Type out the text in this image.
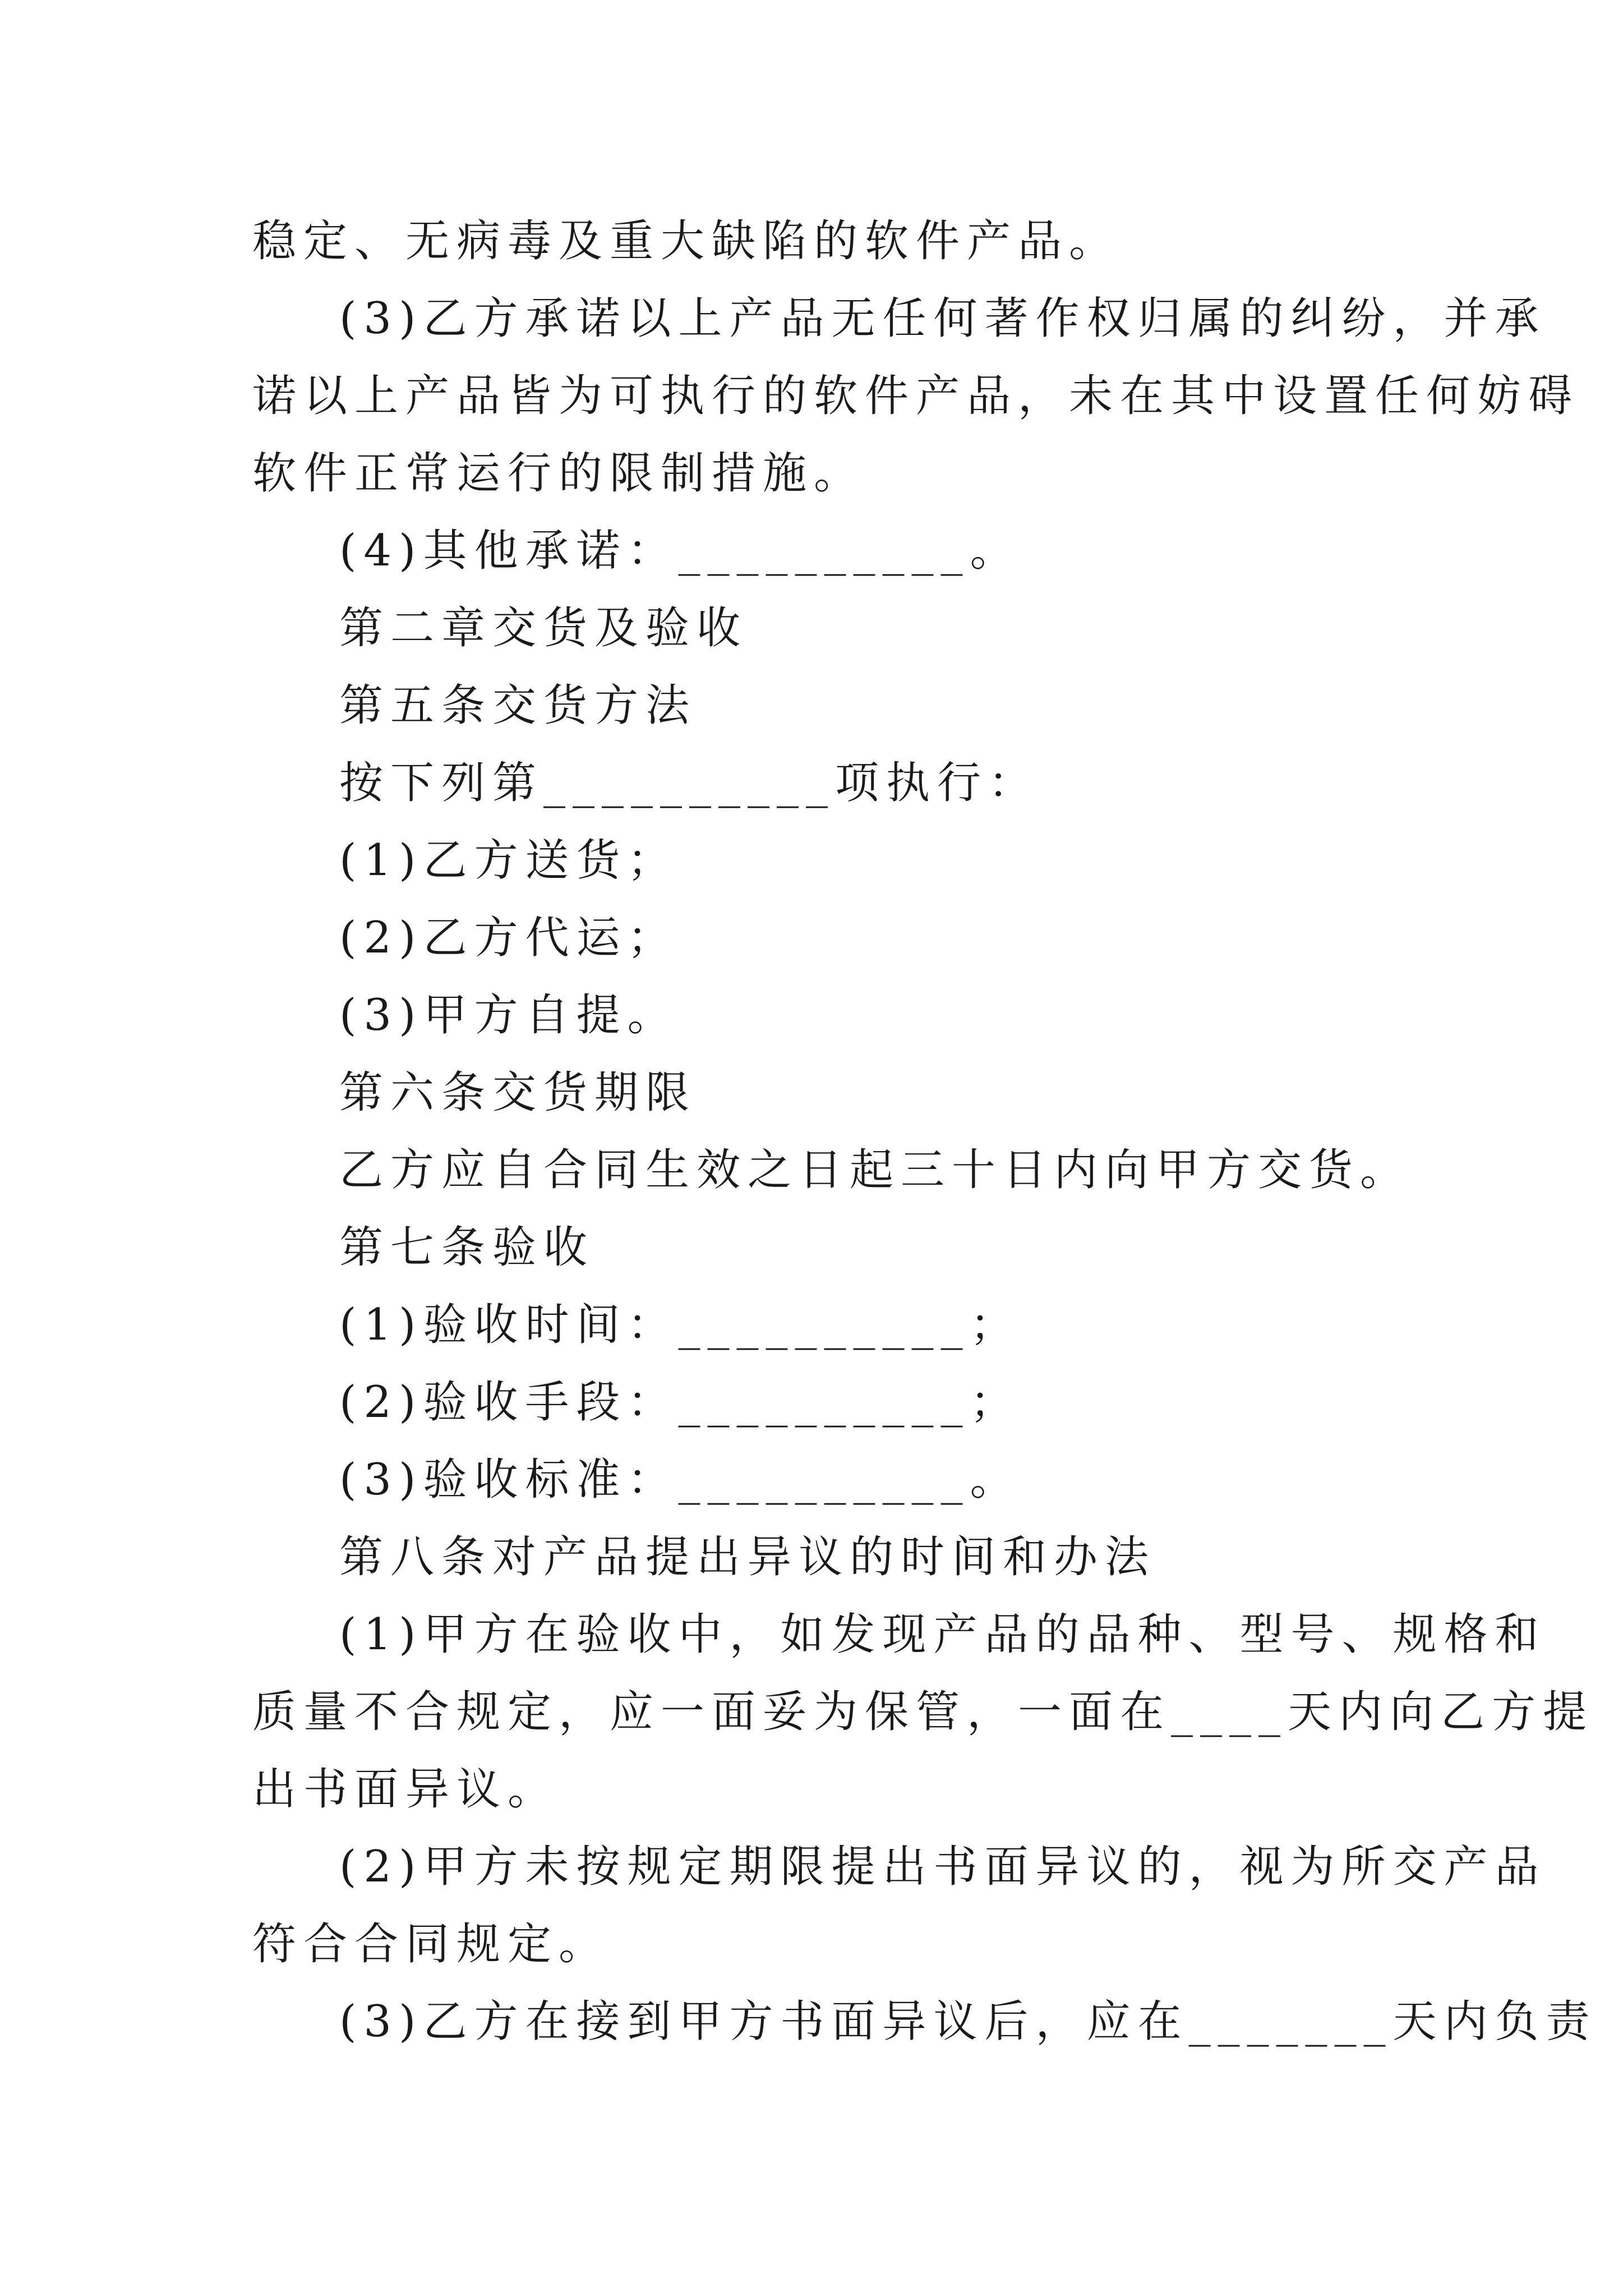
稳定、无病毒及重大缺陷的软件产品。
(3)乙方承诺以上产品无任何著作权归属的纠纷，并承
诺以上产品皆为可执行的软件产品，未在其中设置任何妨碍
软件正常运行的限制措施。
(4)其他承诺：__________。
第二章交货及验收
第五条交货方法
按下列第__________项执行：
(1)乙方送货；
(2)乙方代运；
(3)甲方自提。
第六条交货期限
乙方应自合同生效之日起三十日内向甲方交货。
第七条验收
(1)验收时间：__________；
(2)验收手段：__________；
(3)验收标准：__________。
第八条对产品提出异议的时间和办法
(1)甲方在验收中，如发现产品的品种、型号、规格和
质量不合规定，应一面妥为保管，一面在____天内向乙方提
出书面异议。
(2)甲方未按规定期限提出书面异议的，视为所交产品
符合合同规定。
(3)乙方在接到甲方书面异议后，应在_______天内负责
